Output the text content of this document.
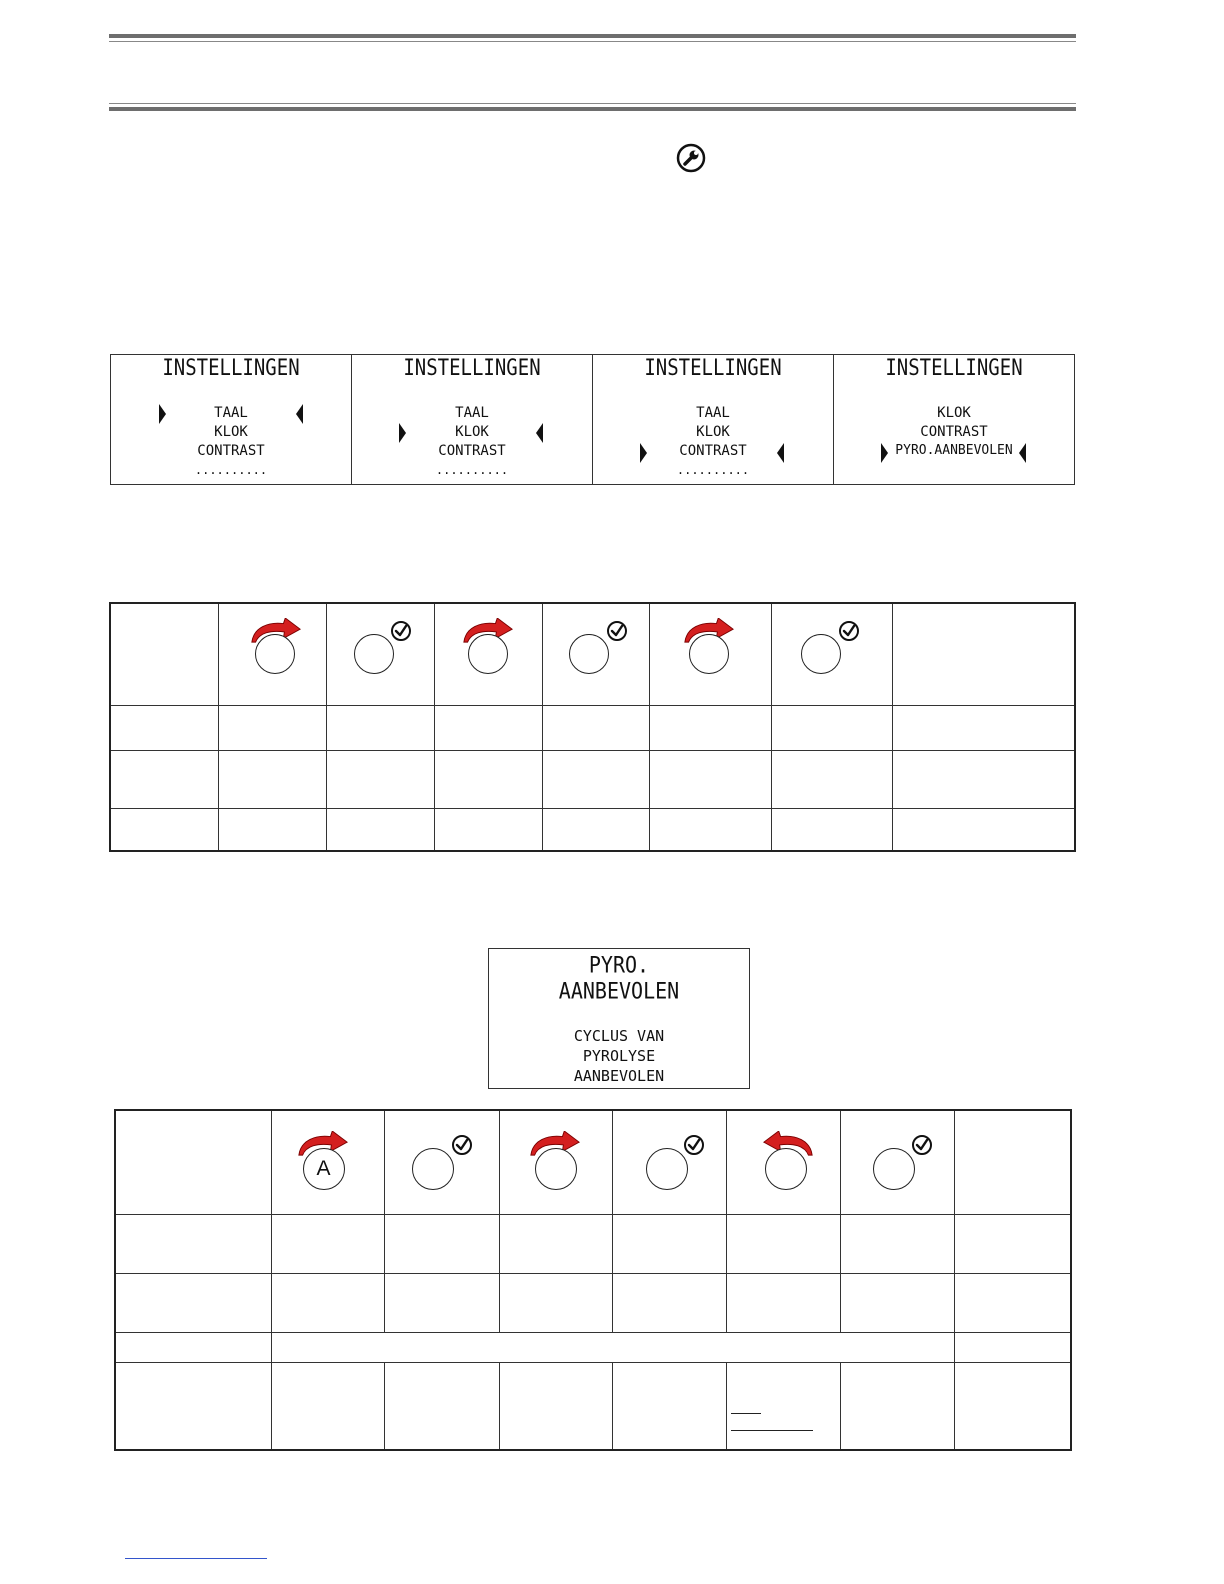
INSTELLINGEN
TAAL
KLOK
CONTRAST
..........
INSTELLINGEN
TAAL
KLOK
CONTRAST
..........
INSTELLINGEN
TAAL
KLOK
CONTRAST
..........
INSTELLINGEN
KLOK
CONTRAST
PYRO.AANBEVOLEN

PYRO.
AANBEVOLEN
CYCLUS VAN
PYROLYSE
AANBEVOLEN

	A
